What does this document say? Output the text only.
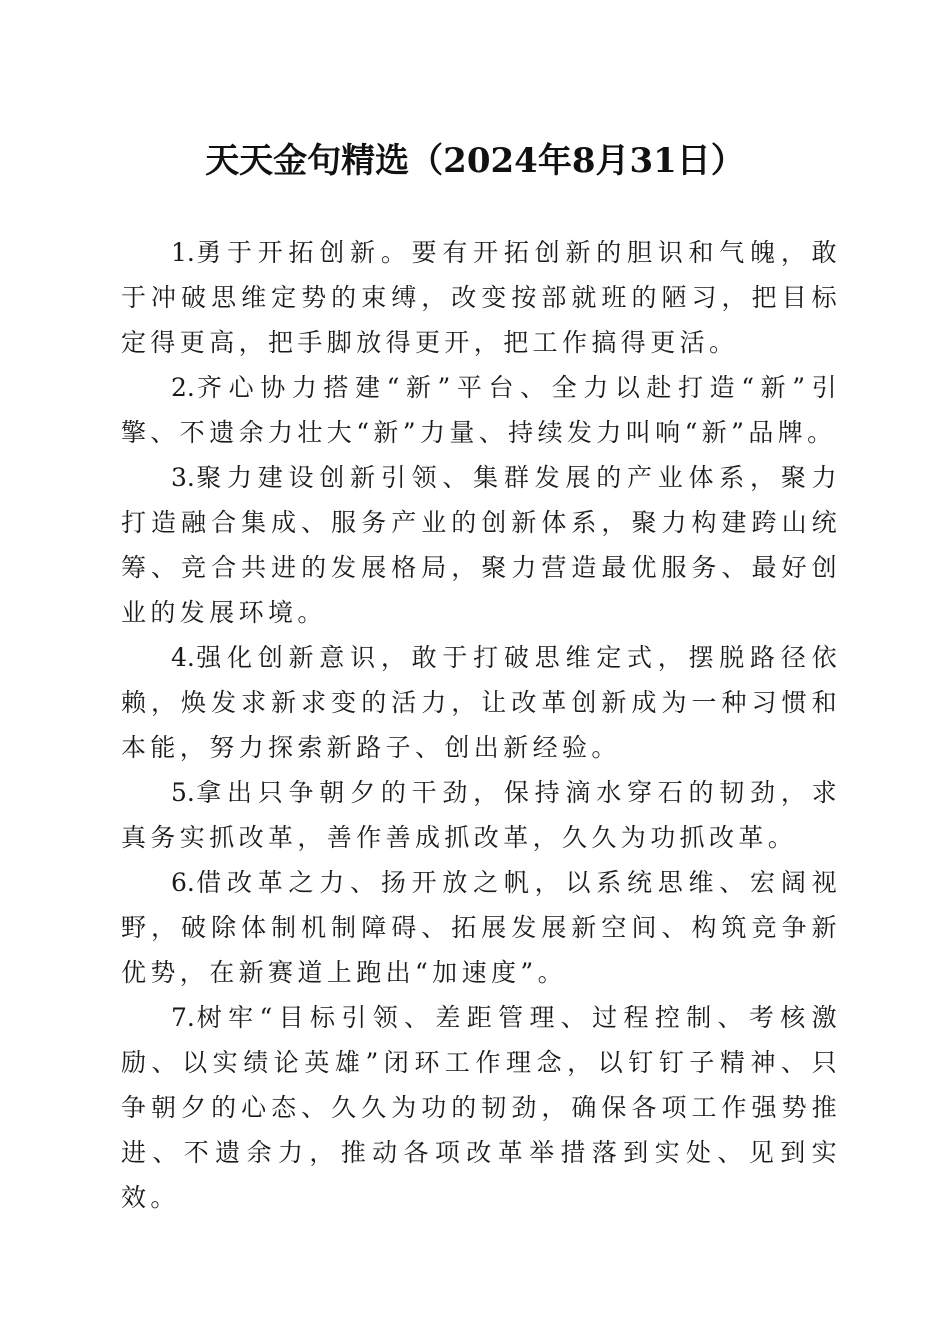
天天金句精选（2024年8月31日）

1.勇于开拓创新。要有开拓创新的胆识和气魄，敢于冲破思维定势的束缚，改变按部就班的陋习，把目标定得更高，把手脚放得更开，把工作搞得更活。

2.齐心协力搭建“新”平台、全力以赴打造“新”引擎、不遗余力壮大“新”力量、持续发力叫响“新”品牌。

3.聚力建设创新引领、集群发展的产业体系，聚力打造融合集成、服务产业的创新体系，聚力构建跨山统筹、竞合共进的发展格局，聚力营造最优服务、最好创业的发展环境。

4.强化创新意识，敢于打破思维定式，摆脱路径依赖，焕发求新求变的活力，让改革创新成为一种习惯和本能，努力探索新路子、创出新经验。

5.拿出只争朝夕的干劲，保持滴水穿石的韧劲，求真务实抓改革，善作善成抓改革，久久为功抓改革。

6.借改革之力、扬开放之帆，以系统思维、宏阔视野，破除体制机制障碍、拓展发展新空间、构筑竞争新优势，在新赛道上跑出“加速度”。

7.树牢“目标引领、差距管理、过程控制、考核激励、以实绩论英雄”闭环工作理念，以钉钉子精神、只争朝夕的心态、久久为功的韧劲，确保各项工作强势推进、不遗余力，推动各项改革举措落到实处、见到实效。
